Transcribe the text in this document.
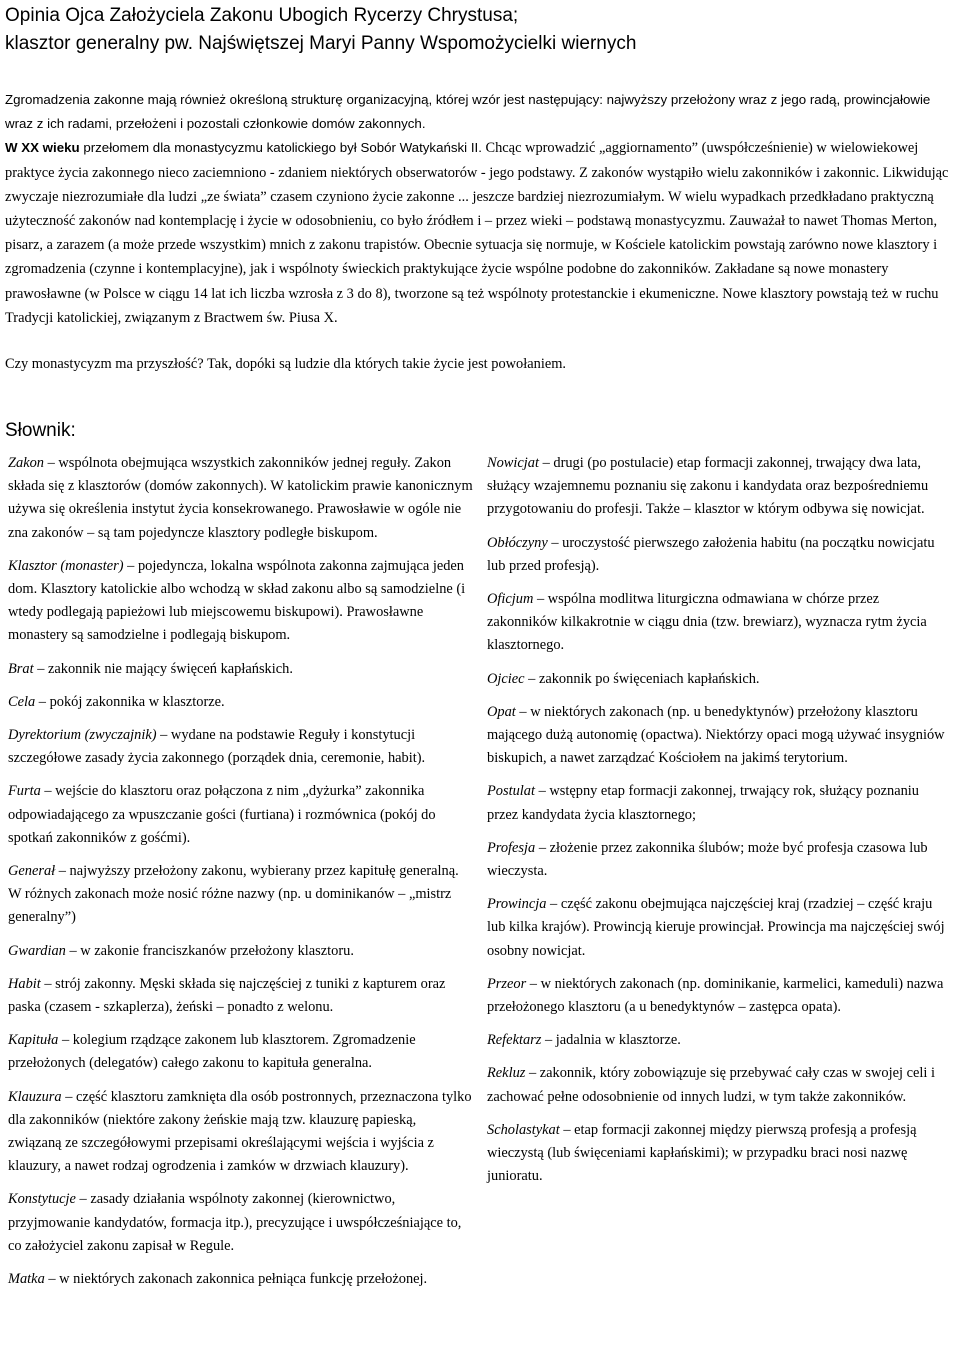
Opinia Ojca Założyciela Zakonu Ubogich Rycerzy Chrystusa;
klasztor generalny pw. Najświętszej Maryi Panny Wspomożycielki wiernych

Zgromadzenia zakonne mają również określoną strukturę organizacyjną, której wzór jest następujący: najwyższy przełożony wraz z jego radą, prowincjałowie wraz z ich radami, przełożeni i pozostali członkowie domów zakonnych.
W XX wieku przełomem dla monastycyzmu katolickiego był Sobór Watykański II. Chcąc wprowadzić „aggiornamento” (uwspółcześnienie) w wielowiekowej praktyce życia zakonnego nieco zaciemniono - zdaniem niektórych obserwatorów - jego podstawy. Z zakonów wystąpiło wielu zakonników i zakonnic. Likwidując zwyczaje niezrozumiałe dla ludzi „ze świata” czasem czyniono życie zakonne ... jeszcze bardziej niezrozumiałym. W wielu wypadkach przedkładano praktyczną użyteczność zakonów nad kontemplację i życie w odosobnieniu, co było źródłem i – przez wieki – podstawą monastycyzmu. Zauważał to nawet Thomas Merton, pisarz, a zarazem (a może przede wszystkim) mnich z zakonu trapistów. Obecnie sytuacja się normuje, w Kościele katolickim powstają zarówno nowe klasztory i zgromadzenia (czynne i kontemplacyjne), jak i wspólnoty świeckich praktykujące życie wspólne podobne do zakonników. Zakładane są nowe monastery prawosławne (w Polsce w ciągu 14 lat ich liczba wzrosła z 3 do 8), tworzone są też wspólnoty protestanckie i ekumeniczne. Nowe klasztory powstają też w ruchu Tradycji katolickiej, związanym z Bractwem św. Piusa X.

Czy monastycyzm ma przyszłość? Tak, dopóki są ludzie dla których takie życie jest powołaniem.

Słownik:

Zakon – wspólnota obejmująca wszystkich zakonników jednej reguły. Zakon składa się z klasztorów (domów zakonnych). W katolickim prawie kanonicznym używa się określenia instytut życia konsekrowanego. Prawosławie w ogóle nie zna zakonów – są tam pojedyncze klasztory podległe biskupom.

Klasztor (monaster) – pojedyncza, lokalna wspólnota zakonna zajmująca jeden dom. Klasztory katolickie albo wchodzą w skład zakonu albo są samodzielne (i wtedy podlegają papieżowi lub miejscowemu biskupowi). Prawosławne monastery są samodzielne i podlegają biskupom.

Brat – zakonnik nie mający święceń kapłańskich.

Cela – pokój zakonnika w klasztorze.

Dyrektorium (zwyczajnik) – wydane na podstawie Reguły i konstytucji szczegółowe zasady życia zakonnego (porządek dnia, ceremonie, habit).

Furta – wejście do klasztoru oraz połączona z nim „dyżurka” zakonnika odpowiadającego za wpuszczanie gości (furtiana) i rozmównica (pokój do spotkań zakonników z gośćmi).

Generał – najwyższy przełożony zakonu, wybierany przez kapitułę generalną. W różnych zakonach może nosić różne nazwy (np. u dominikanów – „mistrz generalny”)

Gwardian – w zakonie franciszkanów przełożony klasztoru.

Habit – strój zakonny. Męski składa się najczęściej z tuniki z kapturem oraz paska (czasem - szkaplerza), żeński – ponadto z welonu.

Kapituła – kolegium rządzące zakonem lub klasztorem. Zgromadzenie przełożonych (delegatów) całego zakonu to kapituła generalna.

Klauzura – część klasztoru zamknięta dla osób postronnych, przeznaczona tylko dla zakonników (niektóre zakony żeńskie mają tzw. klauzurę papieską, związaną ze szczegółowymi przepisami określającymi wejścia i wyjścia z klauzury, a nawet rodzaj ogrodzenia i zamków w drzwiach klauzury).

Konstytucje – zasady działania wspólnoty zakonnej (kierownictwo, przyjmowanie kandydatów, formacja itp.), precyzujące i uwspółcześniające to, co założyciel zakonu zapisał w Regule.

Matka – w niektórych zakonach zakonnica pełniąca funkcję przełożonej.

Nowicjat – drugi (po postulacie) etap formacji zakonnej, trwający dwa lata, służący wzajemnemu poznaniu się zakonu i kandydata oraz bezpośredniemu przygotowaniu do profesji. Także – klasztor w którym odbywa się nowicjat.

Obłóczyny – uroczystość pierwszego założenia habitu (na początku nowicjatu lub przed profesją).

Oficjum – wspólna modlitwa liturgiczna odmawiana w chórze przez zakonników kilkakrotnie w ciągu dnia (tzw. brewiarz), wyznacza rytm życia klasztornego.

Ojciec – zakonnik po święceniach kapłańskich.

Opat – w niektórych zakonach (np. u benedyktynów) przełożony klasztoru mającego dużą autonomię (opactwa). Niektórzy opaci mogą używać insygniów biskupich, a nawet zarządzać Kościołem na jakimś terytorium.

Postulat – wstępny etap formacji zakonnej, trwający rok, służący poznaniu przez kandydata życia klasztornego;

Profesja – złożenie przez zakonnika ślubów; może być profesja czasowa lub wieczysta.

Prowincja – część zakonu obejmująca najczęściej kraj (rzadziej – część kraju lub kilka krajów). Prowincją kieruje prowincjał. Prowincja ma najczęściej swój osobny nowicjat.

Przeor – w niektórych zakonach (np. dominikanie, karmelici, kameduli) nazwa przełożonego klasztoru (a u benedyktynów – zastępca opata).

Refektarz – jadalnia w klasztorze.

Rekluz – zakonnik, który zobowiązuje się przebywać cały czas w swojej celi i zachować pełne odosobnienie od innych ludzi, w tym także zakonników.

Scholastykat – etap formacji zakonnej między pierwszą profesją a profesją wieczystą (lub święceniami kapłańskimi); w przypadku braci nosi nazwę junioratu.
